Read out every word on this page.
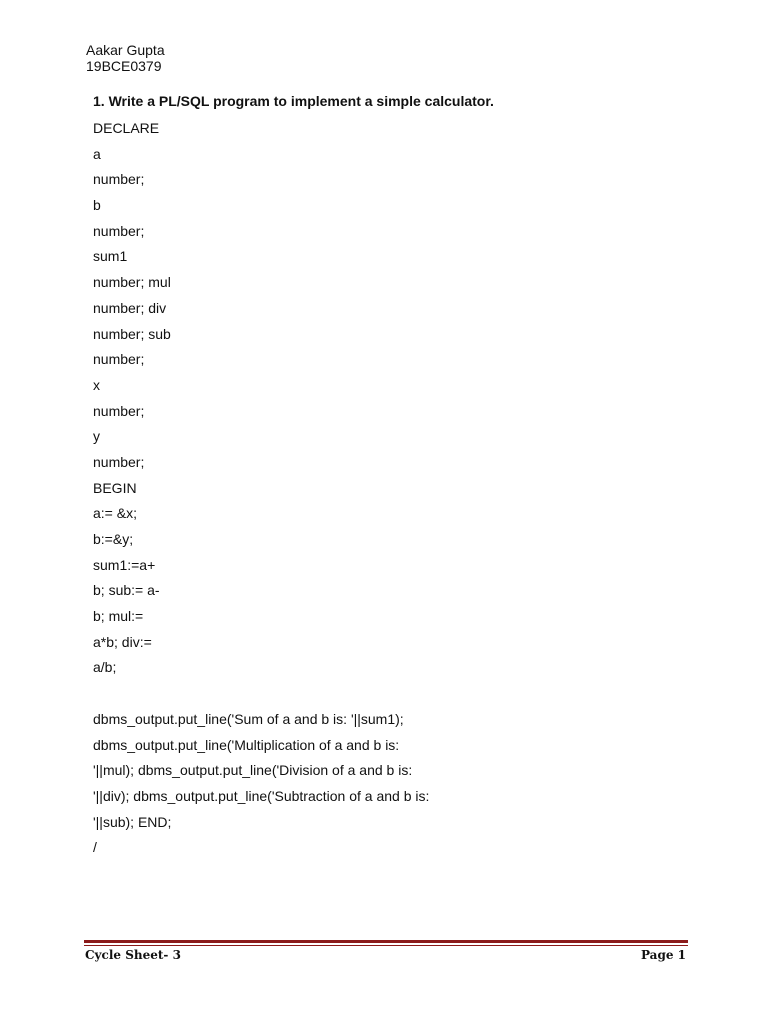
Aakar Gupta
19BCE0379
1. Write a PL/SQL program to implement a simple calculator.
DECLARE
a
number;
b
number;
sum1
number; mul
number; div
number; sub
number;
x
number;
y
number;
BEGIN
a:= &x;
b:=&y;
sum1:=a+
b; sub:= a-
b; mul:=
a*b; div:=
a/b;
dbms_output.put_line('Sum of a and b is: '||sum1);
dbms_output.put_line('Multiplication of a and b is:
'||mul); dbms_output.put_line('Division of a and b is:
'||div); dbms_output.put_line('Subtraction of a and b is:
'||sub); END;
/
Cycle Sheet- 3	Page 1
